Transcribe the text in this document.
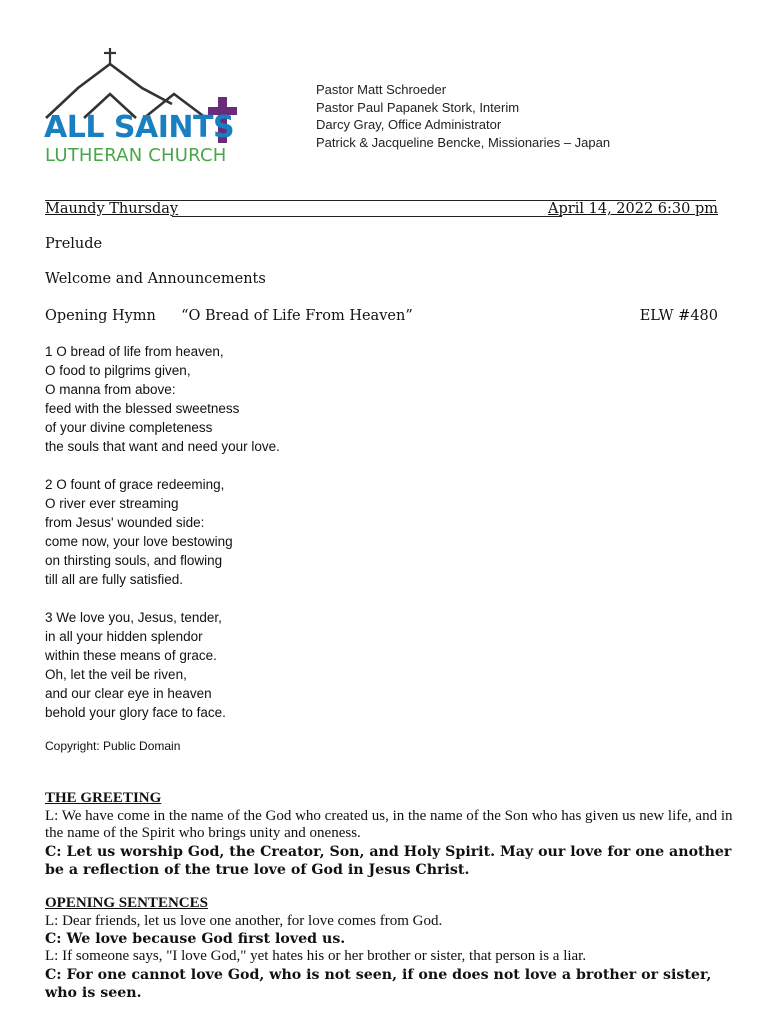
ALL SAINTS
LUTHERAN CHURCH
Pastor Matt Schroeder
Pastor Paul Papanek Stork, Interim
Darcy Gray, Office Administrator
Patrick & Jacqueline Bencke, Missionaries – Japan
Maundy Thursday	April 14, 2022 6:30 pm
Prelude
Welcome and Announcements
Opening Hymn “O Bread of Life From Heaven”	ELW #480
1 O bread of life from heaven,
O food to pilgrims given,
O manna from above:
feed with the blessed sweetness
of your divine completeness
the souls that want and need your love.
2 O fount of grace redeeming,
O river ever streaming
from Jesus' wounded side:
come now, your love bestowing
on thirsting souls, and flowing
till all are fully satisfied.
3 We love you, Jesus, tender,
in all your hidden splendor
within these means of grace.
Oh, let the veil be riven,
and our clear eye in heaven
behold your glory face to face.
Copyright: Public Domain
THE GREETING
L: We have come in the name of the God who created us, in the name of the Son who has given us new life, and in the name of the Spirit who brings unity and oneness.
C: Let us worship God, the Creator, Son, and Holy Spirit. May our love for one another be a reflection of the true love of God in Jesus Christ.
OPENING SENTENCES
L: Dear friends, let us love one another, for love comes from God.
C: We love because God first loved us.
L: If someone says, "I love God," yet hates his or her brother or sister, that person is a liar.
C: For one cannot love God, who is not seen, if one does not love a brother or sister, who is seen.
